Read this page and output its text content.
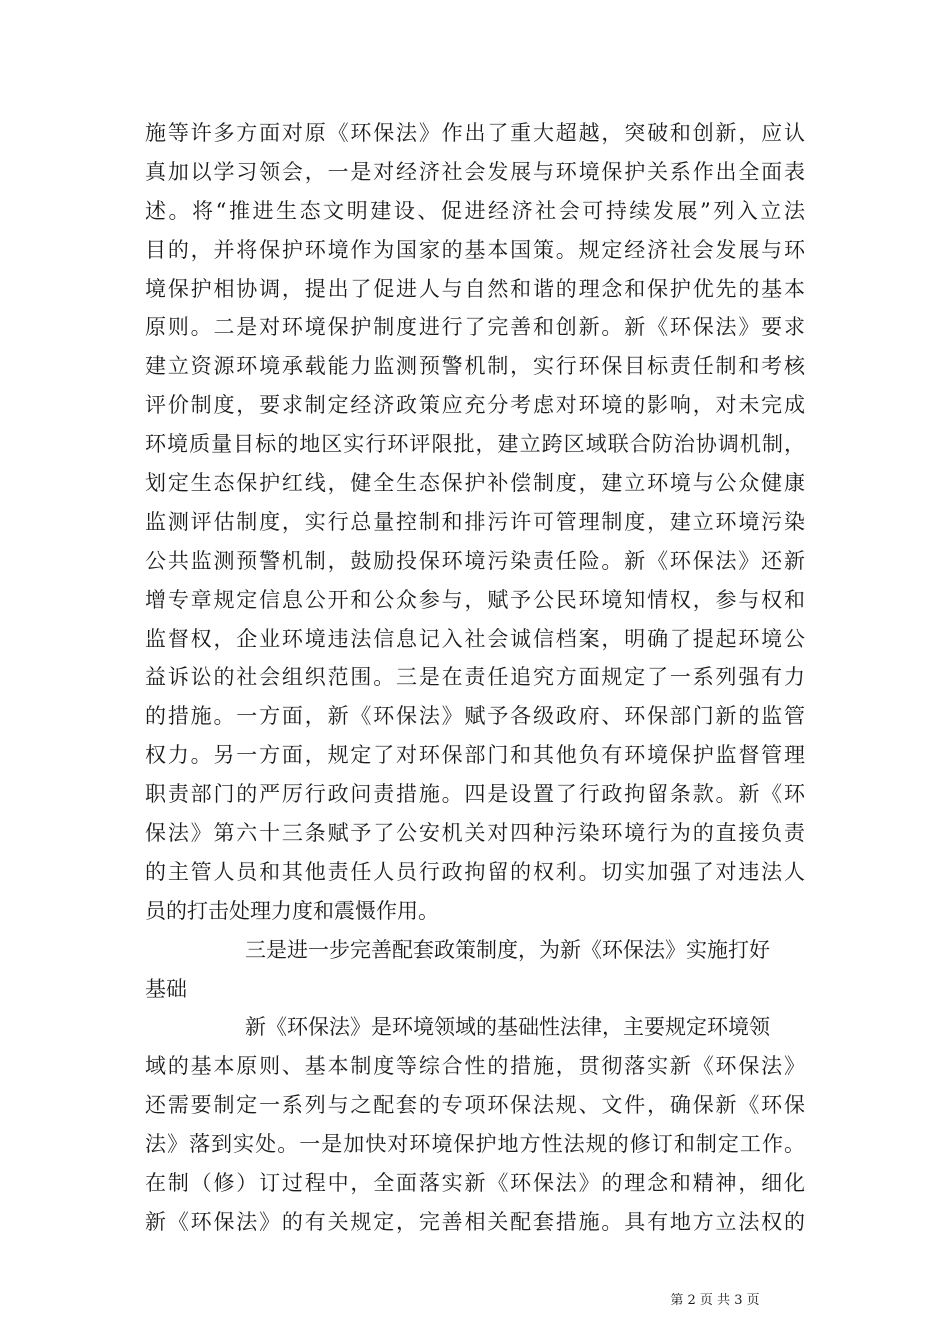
施等许多方面对原《环保法》作出了重大超越，突破和创新，应认
真加以学习领会，一是对经济社会发展与环境保护关系作出全面表
述。将“推进生态文明建设、促进经济社会可持续发展”列入立法
目的，并将保护环境作为国家的基本国策。规定经济社会发展与环
境保护相协调，提出了促进人与自然和谐的理念和保护优先的基本
原则。二是对环境保护制度进行了完善和创新。新《环保法》要求
建立资源环境承载能力监测预警机制，实行环保目标责任制和考核
评价制度，要求制定经济政策应充分考虑对环境的影响，对未完成
环境质量目标的地区实行环评限批，建立跨区域联合防治协调机制，
划定生态保护红线，健全生态保护补偿制度，建立环境与公众健康
监测评估制度，实行总量控制和排污许可管理制度，建立环境污染
公共监测预警机制，鼓励投保环境污染责任险。新《环保法》还新
增专章规定信息公开和公众参与，赋予公民环境知情权，参与权和
监督权，企业环境违法信息记入社会诚信档案，明确了提起环境公
益诉讼的社会组织范围。三是在责任追究方面规定了一系列强有力
的措施。一方面，新《环保法》赋予各级政府、环保部门新的监管
权力。另一方面，规定了对环保部门和其他负有环境保护监督管理
职责部门的严厉行政问责措施。四是设置了行政拘留条款。新《环
保法》第六十三条赋予了公安机关对四种污染环境行为的直接负责
的主管人员和其他责任人员行政拘留的权利。切实加强了对违法人
员的打击处理力度和震慑作用。
三是进一步完善配套政策制度，为新《环保法》实施打好
基础
新《环保法》是环境领域的基础性法律，主要规定环境领
域的基本原则、基本制度等综合性的措施，贯彻落实新《环保法》
还需要制定一系列与之配套的专项环保法规、文件，确保新《环保
法》落到实处。一是加快对环境保护地方性法规的修订和制定工作。
在制（修）订过程中，全面落实新《环保法》的理念和精神，细化
新《环保法》的有关规定，完善相关配套措施。具有地方立法权的
第 2 页 共 3 页
